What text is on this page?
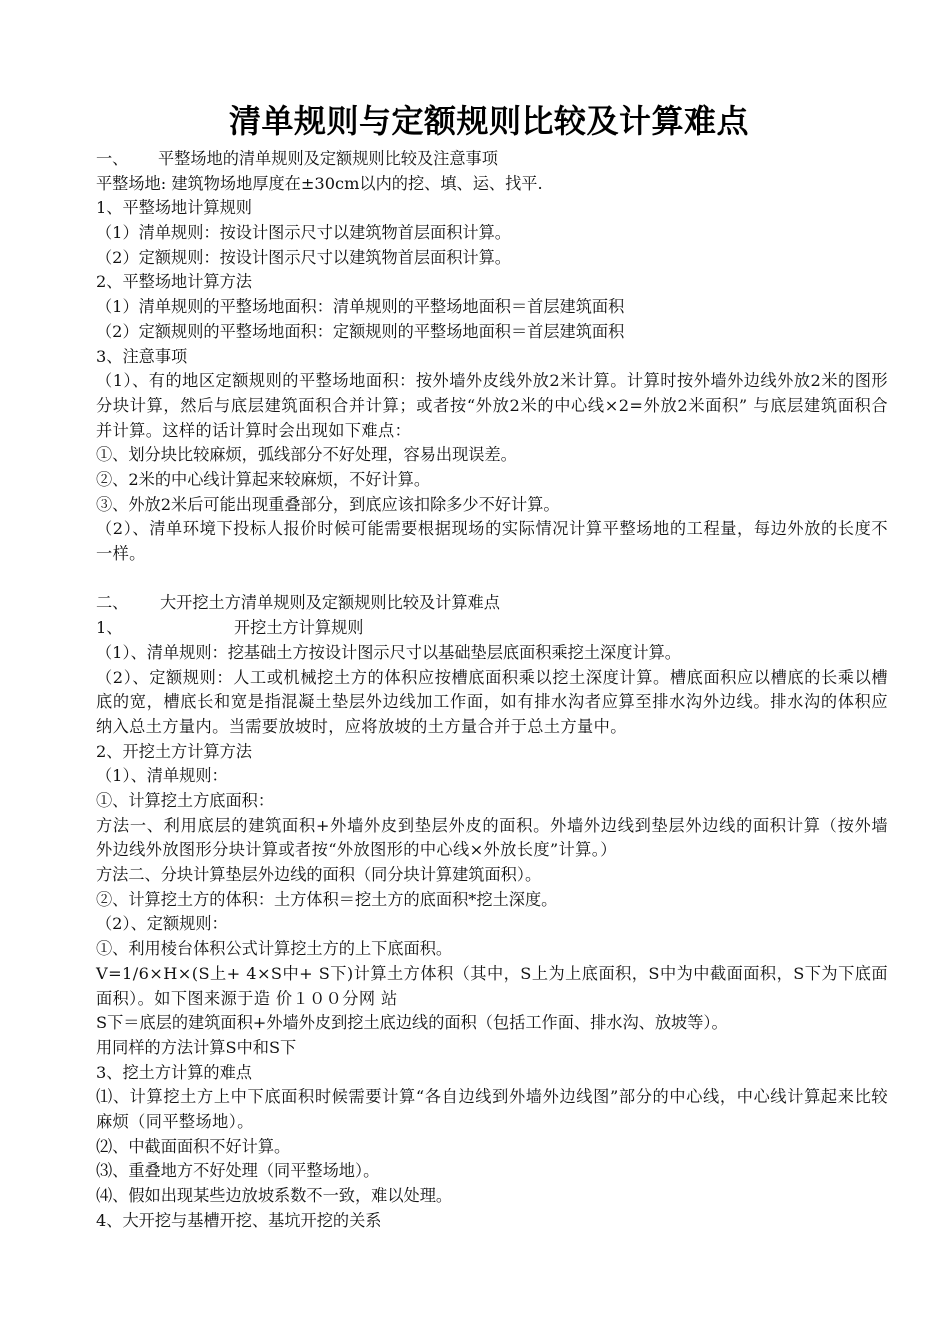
清单规则与定额规则比较及计算难点
一、 平整场地的清单规则及定额规则比较及注意事项
平整场地: 建筑物场地厚度在±30cm以内的挖、填、运、找平.
1、平整场地计算规则
（1）清单规则：按设计图示尺寸以建筑物首层面积计算。
（2）定额规则：按设计图示尺寸以建筑物首层面积计算。
2、平整场地计算方法
（1）清单规则的平整场地面积：清单规则的平整场地面积＝首层建筑面积
（2）定额规则的平整场地面积：定额规则的平整场地面积＝首层建筑面积
3、注意事项
（1）、有的地区定额规则的平整场地面积：按外墙外皮线外放2米计算。计算时按外墙外边线外放2米的图形分块计算，然后与底层建筑面积合并计算；或者按“外放2米的中心线×2=外放2米面积” 与底层建筑面积合并计算。这样的话计算时会出现如下难点：
①、划分块比较麻烦，弧线部分不好处理，容易出现误差。
②、2米的中心线计算起来较麻烦，不好计算。
③、外放2米后可能出现重叠部分，到底应该扣除多少不好计算。
（2）、清单环境下投标人报价时候可能需要根据现场的实际情况计算平整场地的工程量，每边外放的长度不一样。
二、 大开挖土方清单规则及定额规则比较及计算难点
1、	开挖土方计算规则
（1）、清单规则：挖基础土方按设计图示尺寸以基础垫层底面积乘挖土深度计算。
（2）、定额规则：人工或机械挖土方的体积应按槽底面积乘以挖土深度计算。槽底面积应以槽底的长乘以槽底的宽，槽底长和宽是指混凝土垫层外边线加工作面，如有排水沟者应算至排水沟外边线。排水沟的体积应纳入总土方量内。当需要放坡时，应将放坡的土方量合并于总土方量中。
2、开挖土方计算方法
（1）、清单规则：
①、计算挖土方底面积：
方法一、利用底层的建筑面积+外墙外皮到垫层外皮的面积。外墙外边线到垫层外边线的面积计算（按外墙外边线外放图形分块计算或者按“外放图形的中心线×外放长度”计算。）
方法二、分块计算垫层外边线的面积（同分块计算建筑面积）。
②、计算挖土方的体积：土方体积＝挖土方的底面积*挖土深度。
（2）、定额规则：
①、利用棱台体积公式计算挖土方的上下底面积。
V=1/6×H×(S上+ 4×S中+ S下)计算土方体积（其中，S上为上底面积，S中为中截面面积，S下为下底面面积）。如下图来源于造 价１００分网 站
S下＝底层的建筑面积+外墙外皮到挖土底边线的面积（包括工作面、排水沟、放坡等）。
用同样的方法计算S中和S下
3、挖土方计算的难点
⑴、计算挖土方上中下底面积时候需要计算“各自边线到外墙外边线图”部分的中心线，中心线计算起来比较麻烦（同平整场地）。
⑵、中截面面积不好计算。
⑶、重叠地方不好处理（同平整场地）。
⑷、假如出现某些边放坡系数不一致，难以处理。
4、大开挖与基槽开挖、基坑开挖的关系
